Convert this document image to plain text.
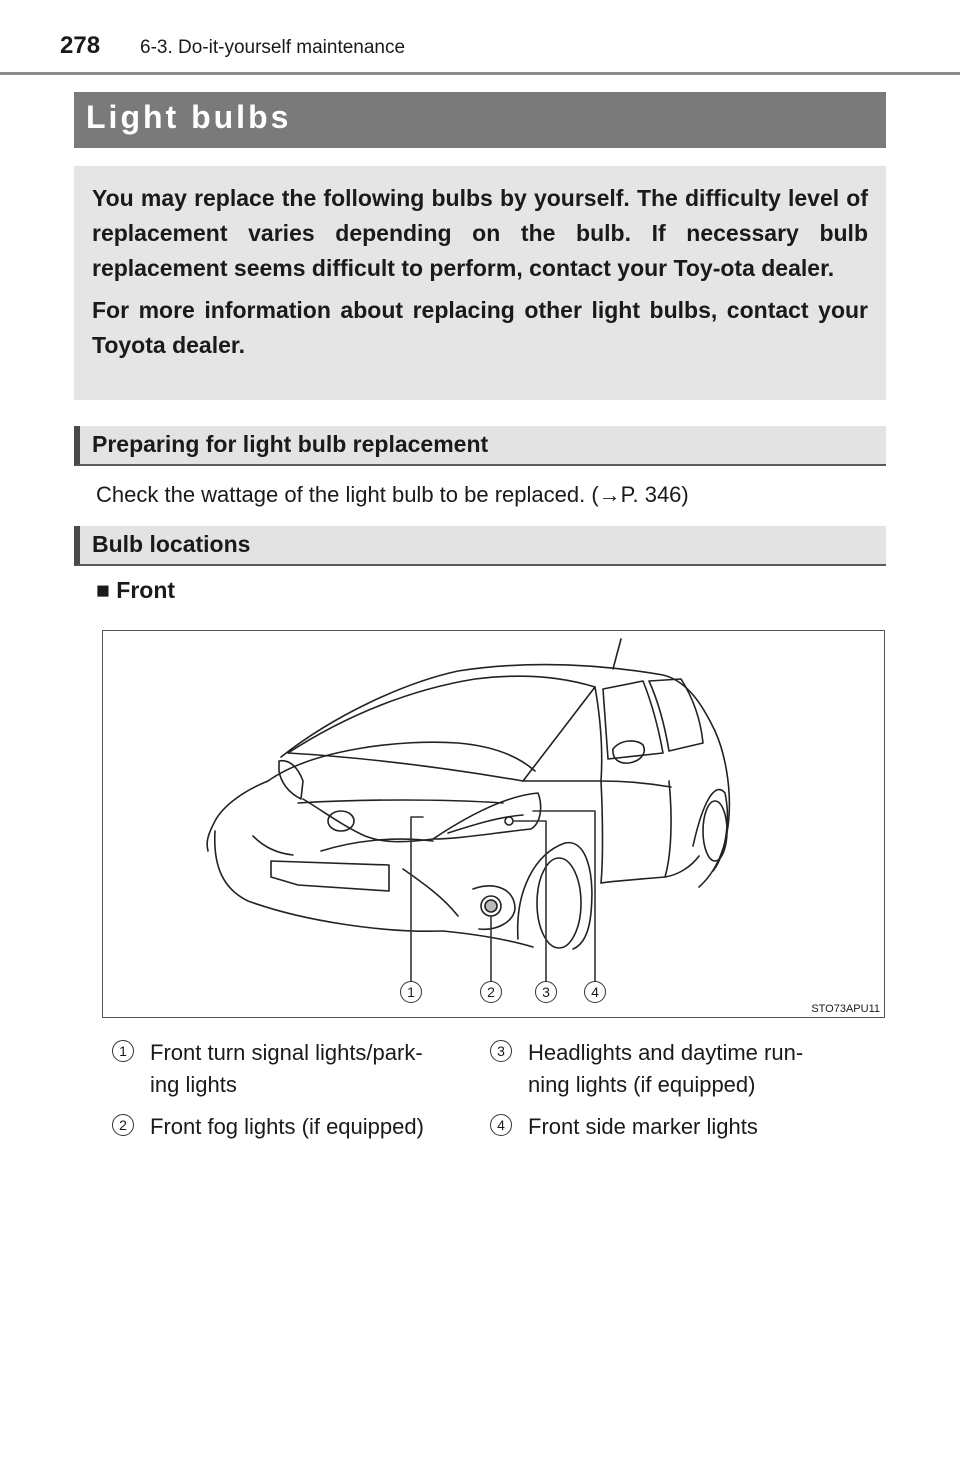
278 6-3. Do-it-yourself maintenance
Light bulbs

You may replace the following bulbs by yourself. The difficulty level of replacement varies depending on the bulb. If necessary bulb replacement seems difficult to perform, contact your Toy-ota dealer.

For more information about replacing other light bulbs, contact your Toyota dealer.

Preparing for light bulb replacement
Check the wattage of the light bulb to be replaced. (→P. 346)
Bulb locations
■ Front
1	2	3	4
STO73APU11
1	Front turn signal lights/park-
ing lights
2	Front fog lights (if equipped)
3	Headlights and daytime run-
ning lights (if equipped)
4	Front side marker lights
